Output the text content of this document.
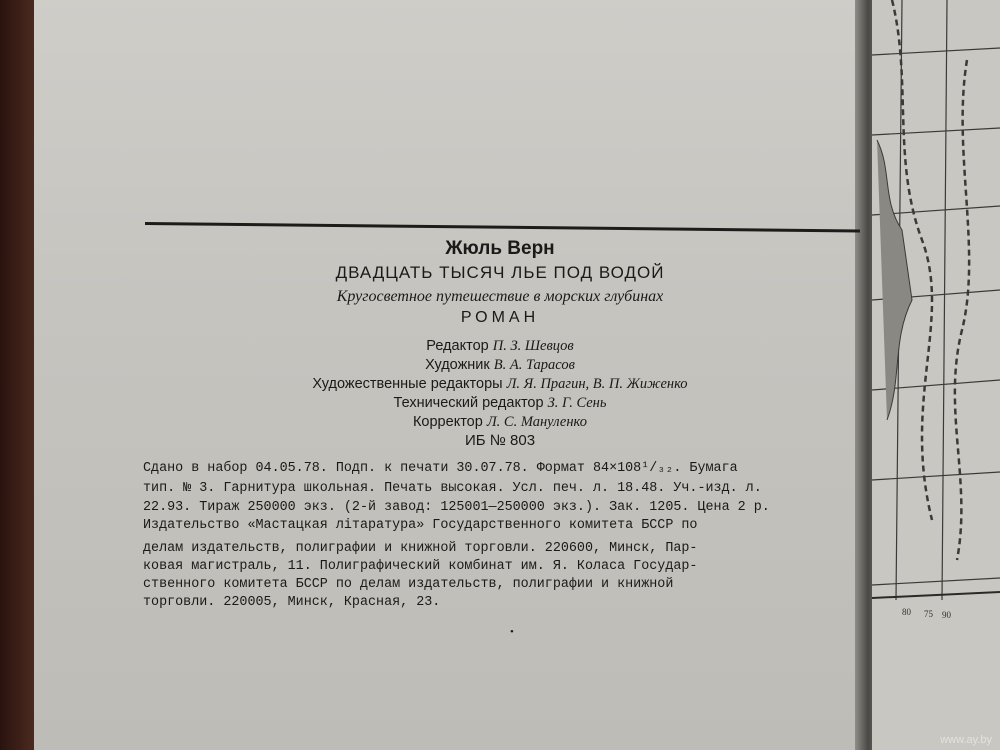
80 75 90
Жюль Верн
ДВАДЦАТЬ ТЫСЯЧ ЛЬЕ ПОД ВОДОЙ
Кругосветное путешествие в морских глубинах
РОМАН
Редактор П. З. Шевцов
Художник В. А. Тарасов
Художественные редакторы Л. Я. Прагин, В. П. Жиженко
Технический редактор З. Г. Сень
Корректор Л. С. Мануленко
ИБ № 803
Сдано в набор 04.05.78. Подп. к печати 30.07.78. Формат 84×108¹/₃₂. Бумага
тип. № 3. Гарнитура школьная. Печать высокая. Усл. печ. л. 18.48. Уч.-изд. л.
22.93. Тираж 250000 экз. (2-й завод: 125001—250000 экз.). Зак. 1205. Цена 2 р.
Издательство «Мастацкая літаратура» Государственного комитета БССР по
делам издательств, полиграфии и книжной торговли. 220600, Минск, Пар-
ковая магистраль, 11. Полиграфический комбинат им. Я. Коласа Государ-
ственного комитета БССР по делам издательств, полиграфии и книжной
торговли. 220005, Минск, Красная, 23.
•
www.ay.by
